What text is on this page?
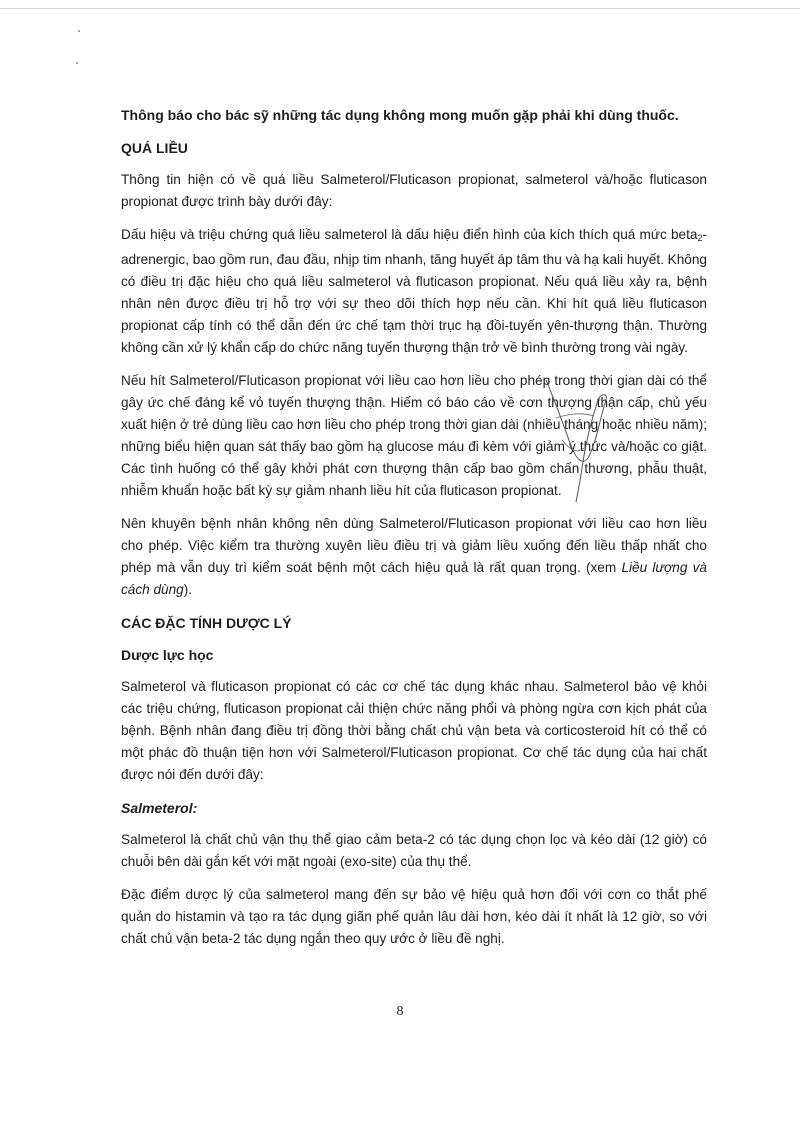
Thông báo cho bác sỹ những tác dụng không mong muốn gặp phải khi dùng thuốc.

QUÁ LIỀU

Thông tin hiện có về quá liều Salmeterol/Fluticason propionat, salmeterol và/hoặc fluticason propionat được trình bày dưới đây:

Dấu hiệu và triệu chứng quá liều salmeterol là dấu hiệu điển hình của kích thích quá mức beta$_2$-adrenergic, bao gồm run, đau đầu, nhịp tim nhanh, tăng huyết áp tâm thu và hạ kali huyết. Không có điều trị đặc hiệu cho quá liều salmeterol và fluticason propionat. Nếu quá liều xảy ra, bệnh nhân nên được điều trị hỗ trợ với sự theo dõi thích hợp nếu cần. Khi hít quá liều fluticason propionat cấp tính có thể dẫn đến ức chế tạm thời trục hạ đồi-tuyến yên-thượng thận. Thường không cần xử lý khẩn cấp do chức năng tuyến thượng thận trở về bình thường trong vài ngày.

Nếu hít Salmeterol/Fluticason propionat với liều cao hơn liều cho phép trong thời gian dài có thể gây ức chế đáng kể vỏ tuyến thượng thận. Hiếm có báo cáo về cơn thượng thận cấp, chủ yếu xuất hiện ở trẻ dùng liều cao hơn liều cho phép trong thời gian dài (nhiều tháng hoặc nhiều năm); những biểu hiện quan sát thấy bao gồm hạ glucose máu đi kèm với giảm ý thức và/hoặc co giật. Các tình huống có thể gây khởi phát cơn thượng thận cấp bao gồm chấn thương, phẫu thuật, nhiễm khuẩn hoặc bất kỳ sự giảm nhanh liều hít của fluticason propionat.

Nên khuyên bệnh nhân không nên dùng Salmeterol/Fluticason propionat với liều cao hơn liều cho phép. Việc kiểm tra thường xuyên liều điều trị và giảm liều xuống đến liều thấp nhất cho phép mà vẫn duy trì kiểm soát bệnh một cách hiệu quả là rất quan trọng. (xem Liều lượng và cách dùng).

CÁC ĐẶC TÍNH DƯỢC LÝ
Dược lực học

Salmeterol và fluticason propionat có các cơ chế tác dụng khác nhau. Salmeterol bảo vệ khỏi các triệu chứng, fluticason propionat cải thiện chức năng phổi và phòng ngừa cơn kịch phát của bệnh. Bệnh nhân đang điều trị đồng thời bằng chất chủ vận beta và corticosteroid hít có thể có một phác đồ thuận tiện hơn với Salmeterol/Fluticason propionat. Cơ chế tác dụng của hai chất được nói đến dưới đây:

Salmeterol:

Salmeterol là chất chủ vận thụ thể giao cảm beta-2 có tác dụng chọn lọc và kéo dài (12 giờ) có chuỗi bên dài gắn kết với mặt ngoài (exo-site) của thụ thể.

Đặc điểm dược lý của salmeterol mang đến sự bảo vệ hiệu quả hơn đối với cơn co thắt phế quản do histamin và tạo ra tác dụng giãn phế quản lâu dài hơn, kéo dài ít nhất là 12 giờ, so với chất chủ vận beta-2 tác dụng ngắn theo quy ước ở liều đề nghị.

8
